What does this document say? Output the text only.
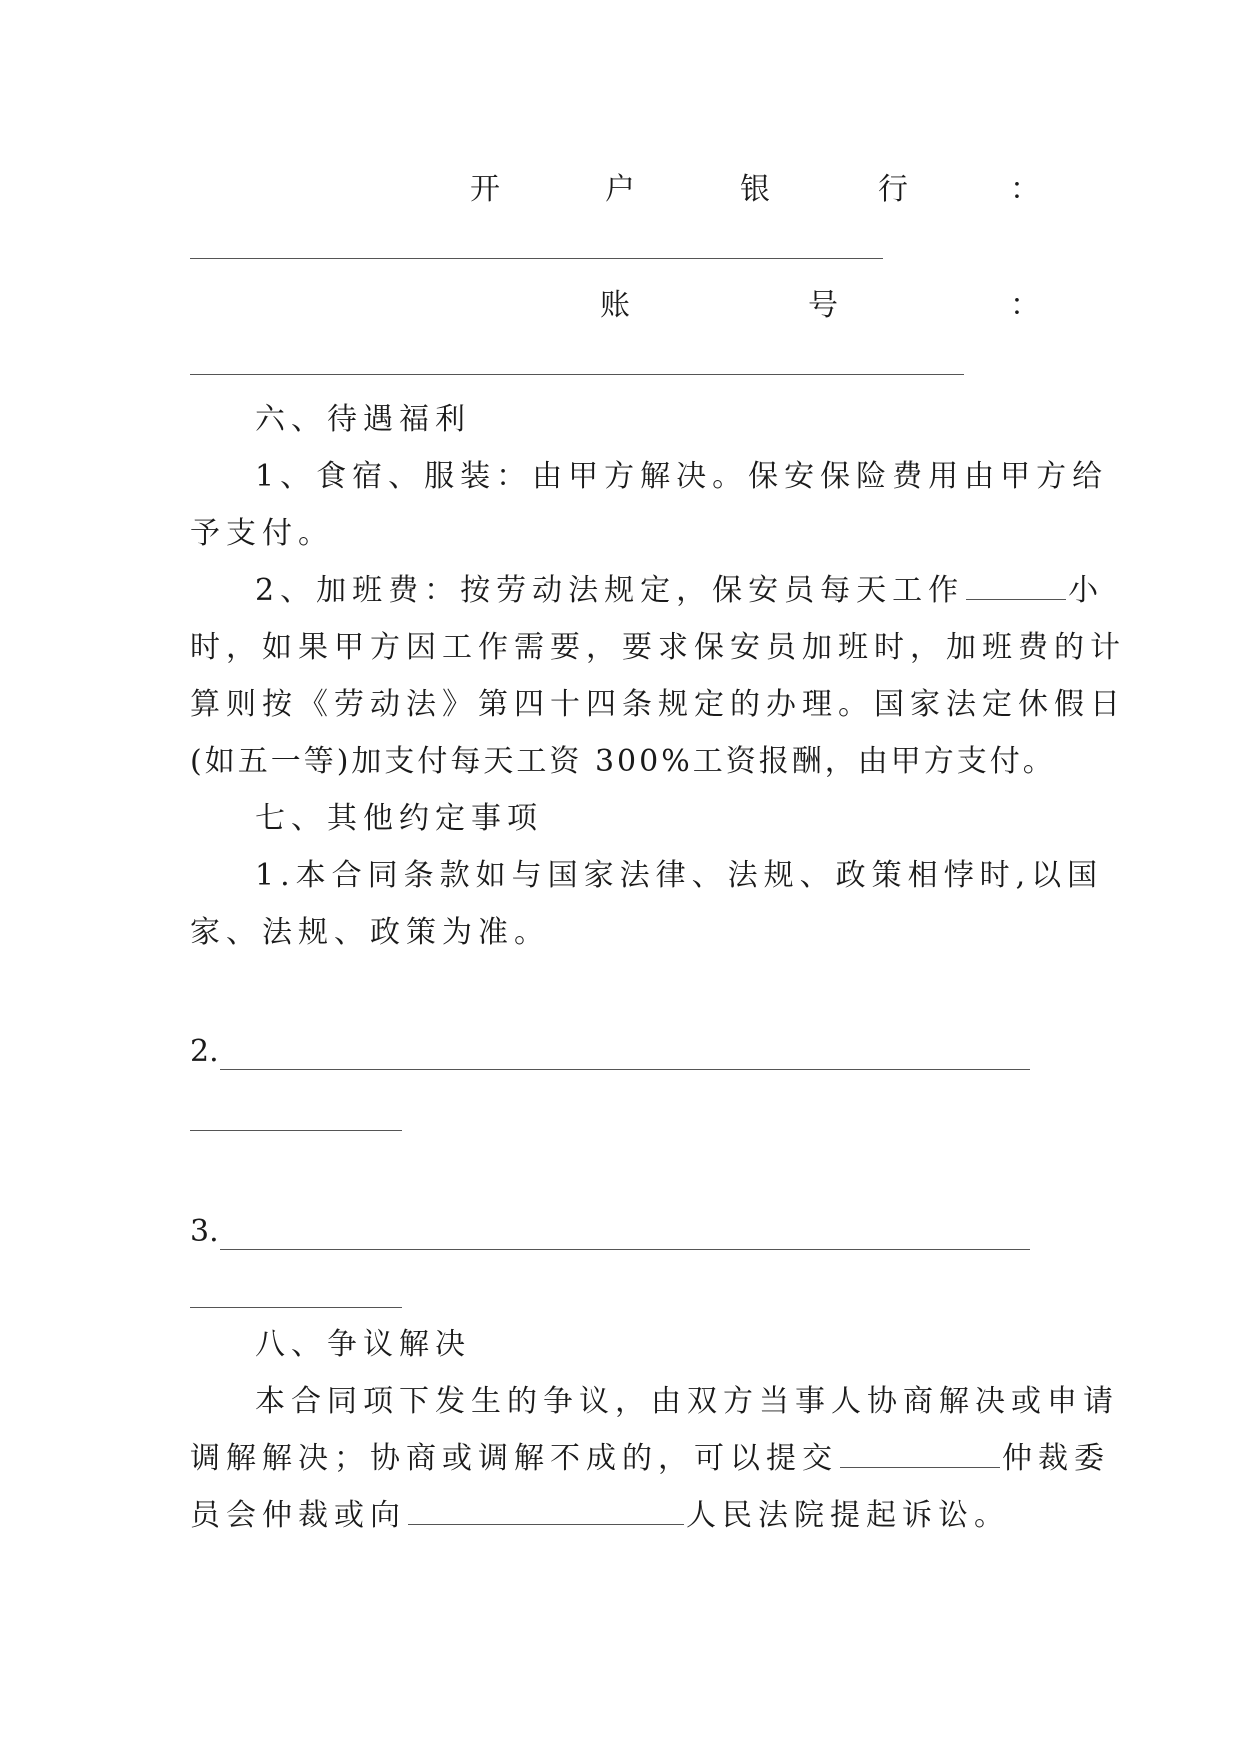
开	户	银	行	：
账	号	：
六、待遇福利
1、食宿、服装：由甲方解决。保安保险费用由甲方给
予支付。
2、加班费：按劳动法规定，保安员每天工作	小
时，如果甲方因工作需要，要求保安员加班时，加班费的计
算则按《劳动法》第四十四条规定的办理。国家法定休假日
(如五一等)加支付每天工资 300%工资报酬，由甲方支付。
七、其他约定事项
1.本合同条款如与国家法律、法规、政策相悖时,以国
家、法规、政策为准。
2.
3.
八、争议解决
本合同项下发生的争议，由双方当事人协商解决或申请
调解解决；协商或调解不成的，可以提交	仲裁委
员会仲裁或向	人民法院提起诉讼。
